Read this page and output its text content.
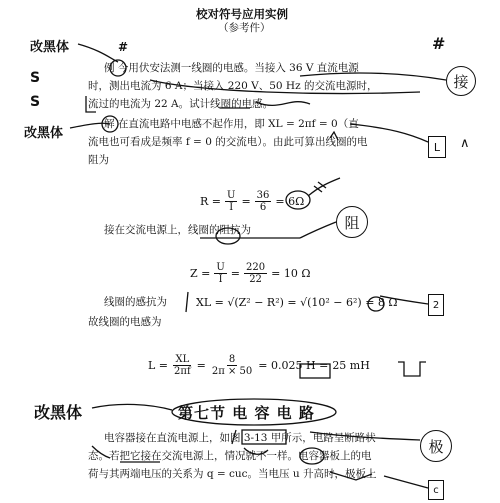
校对符号应用实例
（参考件）
改黑体
S
S
改黑体
改黑体
#	#
接
阻
极
L ∧
2
c
例 今用伏安法测一线圈的电感。当接入 36 V 直流电源
时，测出电流为 6 A；当接入 220 V、50 Hz 的交流电源时，
流过的电流为 22 A。试计线圈的电感。
解 在直流电路中电感不起作用，即 XL = 2πf = 0（直
流电也可看成是频率 f = 0 的交流电）。由此可算出线圈的电
阻为
$R = \frac{U}{I} = \frac{36}{6} = 6\Omega$
接在交流电源上，线圈的阻抗为
$Z = \frac{U}{I} = \frac{220}{22} = 10$ Ω
线圈的感抗为	XL = √(Z² − R²) = √(10² − 6²) = 8 Ω
故线圈的电感为
$L = \frac{XL}{2\pi f} = \frac{8}{2\pi \times 50} = 0.025$ H = 25 mH
第七节 电 容 电 路
电容器接在直流电源上，如图 3-13 甲所示，电路呈断路状
态。若把它接在交流电源上，情况就不一样。电容器板上的电
荷与其两端电压的关系为 q = cuc。当电压 u 升高时，极板上
